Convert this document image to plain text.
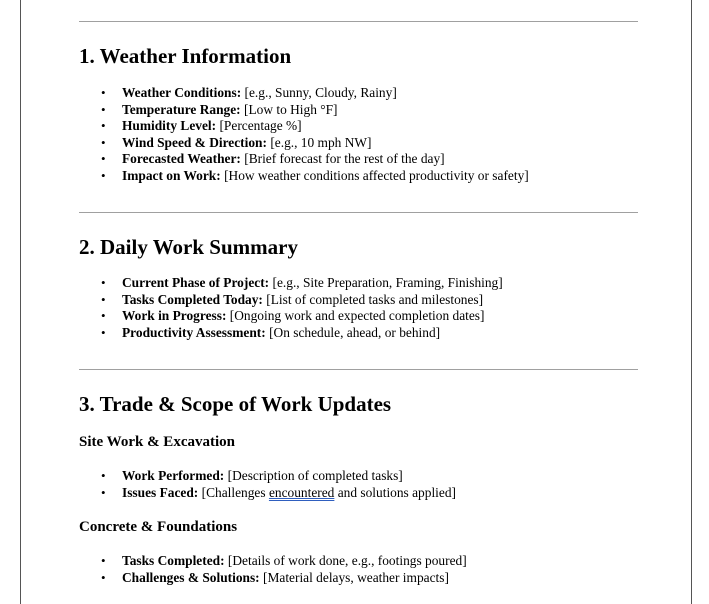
1. Weather Information
• Weather Conditions: [e.g., Sunny, Cloudy, Rainy]
• Temperature Range: [Low to High °F]
• Humidity Level: [Percentage %]
• Wind Speed & Direction: [e.g., 10 mph NW]
• Forecasted Weather: [Brief forecast for the rest of the day]
• Impact on Work: [How weather conditions affected productivity or safety]
2. Daily Work Summary
• Current Phase of Project: [e.g., Site Preparation, Framing, Finishing]
• Tasks Completed Today: [List of completed tasks and milestones]
• Work in Progress: [Ongoing work and expected completion dates]
• Productivity Assessment: [On schedule, ahead, or behind]
3. Trade & Scope of Work Updates
Site Work & Excavation
• Work Performed: [Description of completed tasks]
• Issues Faced: [Challenges encountered and solutions applied]
Concrete & Foundations
• Tasks Completed: [Details of work done, e.g., footings poured]
• Challenges & Solutions: [Material delays, weather impacts]
